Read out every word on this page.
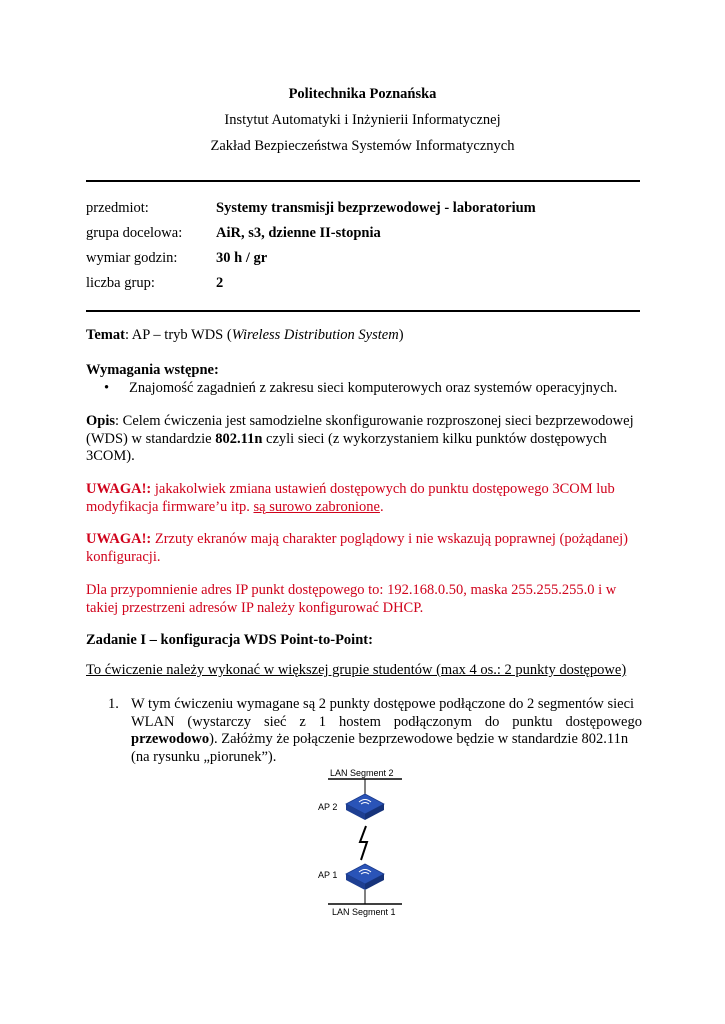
Politechnika Poznańska
Instytut Automatyki i Inżynierii Informatycznej
Zakład Bezpieczeństwa Systemów Informatycznych
przedmiot:	Systemy transmisji bezprzewodowej - laboratorium
grupa docelowa: AiR, s3, dzienne II-stopnia
wymiar godzin:	30 h / gr
liczba grup:	2
Temat: AP – tryb WDS (Wireless Distribution System)
Wymagania wstępne:
• Znajomość zagadnień z zakresu sieci komputerowych oraz systemów operacyjnych.
Opis: Celem ćwiczenia jest samodzielne skonfigurowanie rozproszonej sieci bezprzewodowej
(WDS) w standardzie 802.11n czyli sieci (z wykorzystaniem kilku punktów dostępowych
3COM).
UWAGA!: jakakolwiek zmiana ustawień dostępowych do punktu dostępowego 3COM lub
modyfikacja firmware’u itp. są surowo zabronione.
UWAGA!: Zrzuty ekranów mają charakter poglądowy i nie wskazują poprawnej (pożądanej)
konfiguracji.
Dla przypomnienie adres IP punkt dostępowego to: 192.168.0.50, maska 255.255.255.0 i w
takiej przestrzeni adresów IP należy konfigurować DHCP.
Zadanie I – konfiguracja WDS Point-to-Point:
To ćwiczenie należy wykonać w większej grupie studentów (max 4 os.: 2 punkty dostępowe)
1. W tym ćwiczeniu wymagane są 2 punkty dostępowe podłączone do 2 segmentów sieci
WLAN (wystarczy sieć z 1 hostem podłączonym do punktu dostępowego
przewodowo). Załóżmy że połączenie bezprzewodowe będzie w standardzie 802.11n
(na rysunku „piorunek”).
LAN Segment 2
AP 2
AP 1
LAN Segment 1
